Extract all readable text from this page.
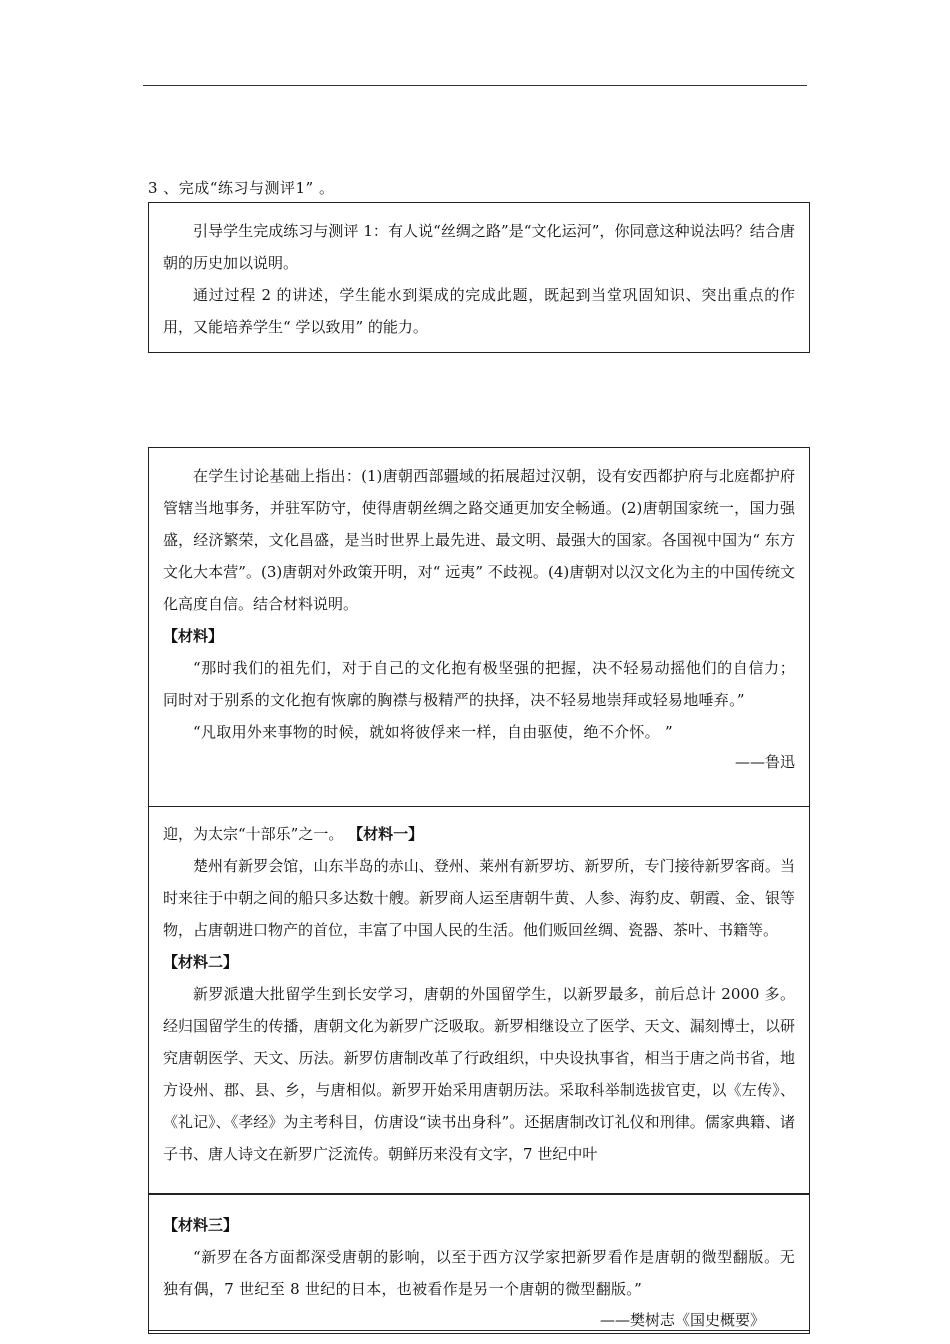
3 、完成“练习与测评1” 。

引导学生完成练习与测评 1：有人说“丝绸之路”是“文化运河”，你同意这种说法吗？结合唐朝的历史加以说明。

通过过程 2 的讲述，学生能水到渠成的完成此题，既起到当堂巩固知识、突出重点的作用，又能培养学生“ 学以致用” 的能力。

迎，为太宗“十部乐”之一。 【材料一】

楚州有新罗会馆，山东半岛的赤山、登州、莱州有新罗坊、新罗所，专门接待新罗客商。当时来往于中朝之间的船只多达数十艘。新罗商人运至唐朝牛黄、人参、海豹皮、朝霞、金、银等物，占唐朝进口物产的首位，丰富了中国人民的生活。他们贩回丝绸、瓷器、茶叶、书籍等。

【材料二】

新罗派遣大批留学生到长安学习，唐朝的外国留学生，以新罗最多，前后总计 2000 多。经归国留学生的传播，唐朝文化为新罗广泛吸取。新罗相继设立了医学、天文、漏刻博士，以研究唐朝医学、天文、历法。新罗仿唐制改革了行政组织，中央设执事省，相当于唐之尚书省，地方设州、郡、县、乡，与唐相似。新罗开始采用唐朝历法。采取科举制选拔官吏，以《左传》、《礼记》、《孝经》为主考科目，仿唐设“读书出身科”。还据唐制改订礼仪和刑律。儒家典籍、诸子书、唐人诗文在新罗广泛流传。朝鲜历来没有文字，7 世纪中叶

在学生讨论基础上指出：(1)唐朝西部疆域的拓展超过汉朝，设有安西都护府与北庭都护府管辖当地事务，并驻军防守，使得唐朝丝绸之路交通更加安全畅通。(2)唐朝国家统一，国力强盛，经济繁荣，文化昌盛，是当时世界上最先进、最文明、最强大的国家。各国视中国为“ 东方文化大本营”。(3)唐朝对外政策开明，对“ 远夷” 不歧视。(4)唐朝对以汉文化为主的中国传统文化高度自信。结合材料说明。

【材料】

“那时我们的祖先们，对于自己的文化抱有极坚强的把握，决不轻易动摇他们的自信力；同时对于别系的文化抱有恢廓的胸襟与极精严的抉择，决不轻易地崇拜或轻易地唾弃。”

“凡取用外来事物的时候，就如将彼俘来一样，自由驱使，绝不介怀。 ”

——鲁迅

【材料三】

“新罗在各方面都深受唐朝的影响，以至于西方汉学家把新罗看作是唐朝的微型翻版。无独有偶，7 世纪至 8 世纪的日本，也被看作是另一个唐朝的微型翻版。”

——樊树志《国史概要》
